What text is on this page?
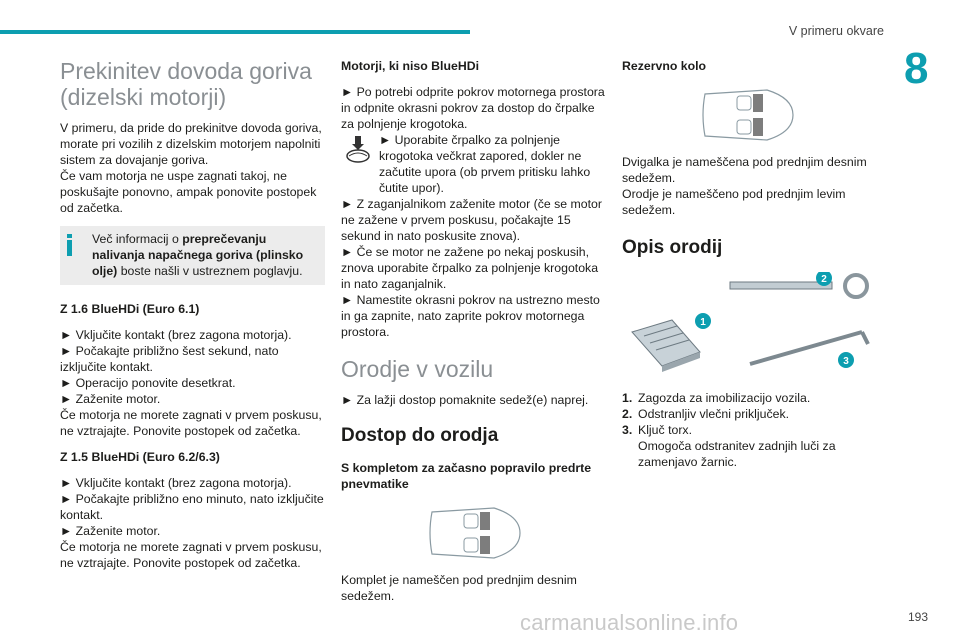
V primeru okvare
8
Prekinitev dovoda goriva (dizelski motorji)

V primeru, da pride do prekinitve dovoda goriva, morate pri vozilih z dizelskim motorjem napolniti sistem za dovajanje goriva.

Če vam motorja ne uspe zagnati takoj, ne poskušajte ponovno, ampak ponovite postopek od začetka.

Več informacij o preprečevanju nalivanja napačnega goriva (plinsko olje) boste našli v ustreznem poglavju.
Z 1.6 BlueHDi (Euro 6.1)

► Vključite kontakt (brez zagona motorja).

► Počakajte približno šest sekund, nato izključite kontakt.

► Operacijo ponovite desetkrat.

► Zaženite motor.

Če motorja ne morete zagnati v prvem poskusu, ne vztrajajte. Ponovite postopek od začetka.

Z 1.5 BlueHDi (Euro 6.2/6.3)

► Vključite kontakt (brez zagona motorja).

► Počakajte približno eno minuto, nato izključite kontakt.

► Zaženite motor.

Če motorja ne morete zagnati v prvem poskusu, ne vztrajajte. Ponovite postopek od začetka.

Motorji, ki niso BlueHDi

► Po potrebi odprite pokrov motornega prostora in odpnite okrasni pokrov za dostop do črpalke za polnjenje krogotoka.

► Uporabite črpalko za polnjenje krogotoka večkrat zapored, dokler ne začutite upora (ob prvem pritisku lahko čutite upor).

► Z zaganjalnikom zaženite motor (če se motor ne zažene v prvem poskusu, počakajte 15 sekund in nato poskusite znova).

► Če se motor ne zažene po nekaj poskusih, znova uporabite črpalko za polnjenje krogotoka in nato zaganjalnik.

► Namestite okrasni pokrov na ustrezno mesto in ga zapnite, nato zaprite pokrov motornega prostora.

Orodje v vozilu

► Za lažji dostop pomaknite sedež(e) naprej.

Dostop do orodja
S kompletom za začasno popravilo predrte pnevmatike

Komplet je nameščen pod prednjim desnim sedežem.

Rezervno kolo

Dvigalka je nameščena pod prednjim desnim sedežem.

Orodje je nameščeno pod prednjim levim sedežem.

Opis orodij
1
2
3
1. Zagozda za imobilizacijo vozila.
2. Odstranljiv vlečni priključek.
3. Ključ torx.
Omogoča odstranitev zadnjih luči za zamenjavo žarnic.
carmanualsonline.info	193
